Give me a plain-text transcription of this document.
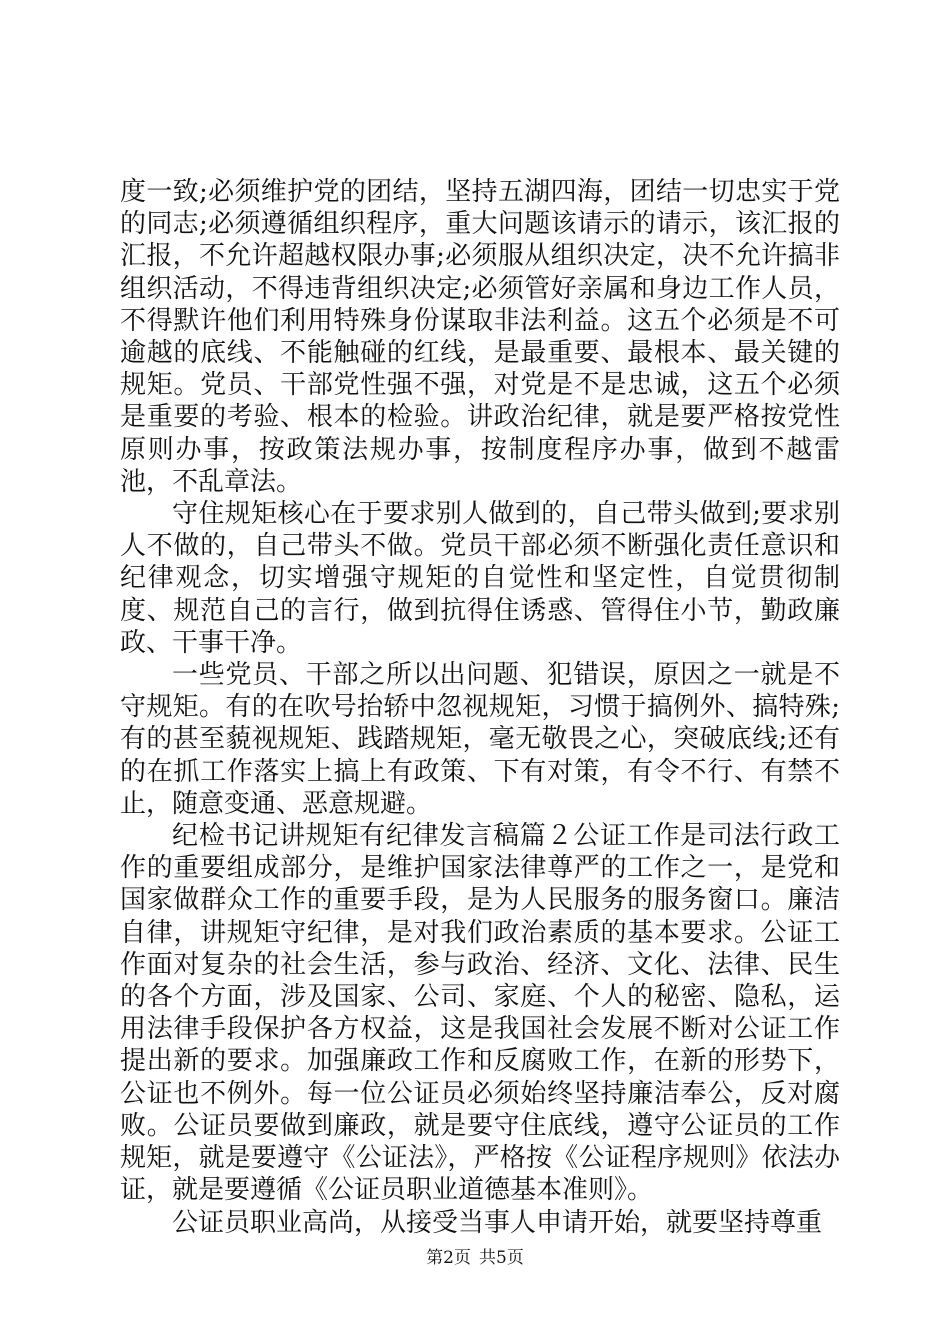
度一致;必须维护党的团结，坚持五湖四海，团结一切忠实于党的同志;必须遵循组织程序，重大问题该请示的请示，该汇报的汇报，不允许超越权限办事;必须服从组织决定，决不允许搞非组织活动，不得违背组织决定;必须管好亲属和身边工作人员，不得默许他们利用特殊身份谋取非法利益。这五个必须是不可逾越的底线、不能触碰的红线，是最重要、最根本、最关键的规矩。党员、干部党性强不强，对党是不是忠诚，这五个必须是重要的考验、根本的检验。讲政治纪律，就是要严格按党性原则办事，按政策法规办事，按制度程序办事，做到不越雷池，不乱章法。

守住规矩核心在于要求别人做到的，自己带头做到;要求别人不做的，自己带头不做。党员干部必须不断强化责任意识和纪律观念，切实增强守规矩的自觉性和坚定性，自觉贯彻制度、规范自己的言行，做到抗得住诱惑、管得住小节，勤政廉政、干事干净。

一些党员、干部之所以出问题、犯错误，原因之一就是不守规矩。有的在吹号抬轿中忽视规矩，习惯于搞例外、搞特殊;有的甚至藐视规矩、践踏规矩，毫无敬畏之心，突破底线;还有的在抓工作落实上搞上有政策、下有对策，有令不行、有禁不止，随意变通、恶意规避。

纪检书记讲规矩有纪律发言稿篇２公证工作是司法行政工作的重要组成部分，是维护国家法律尊严的工作之一，是党和国家做群众工作的重要手段，是为人民服务的服务窗口。廉洁自律，讲规矩守纪律，是对我们政治素质的基本要求。公证工作面对复杂的社会生活，参与政治、经济、文化、法律、民生的各个方面，涉及国家、公司、家庭、个人的秘密、隐私，运用法律手段保护各方权益，这是我国社会发展不断对公证工作提出新的要求。加强廉政工作和反腐败工作，在新的形势下，公证也不例外。每一位公证员必须始终坚持廉洁奉公，反对腐败。公证员要做到廉政，就是要守住底线，遵守公证员的工作规矩，就是要遵守《公证法》，严格按《公证程序规则》依法办证，就是要遵循《公证员职业道德基本准则》。

公证员职业高尚，从接受当事人申请开始，就要坚持尊重

第2页 共5页
